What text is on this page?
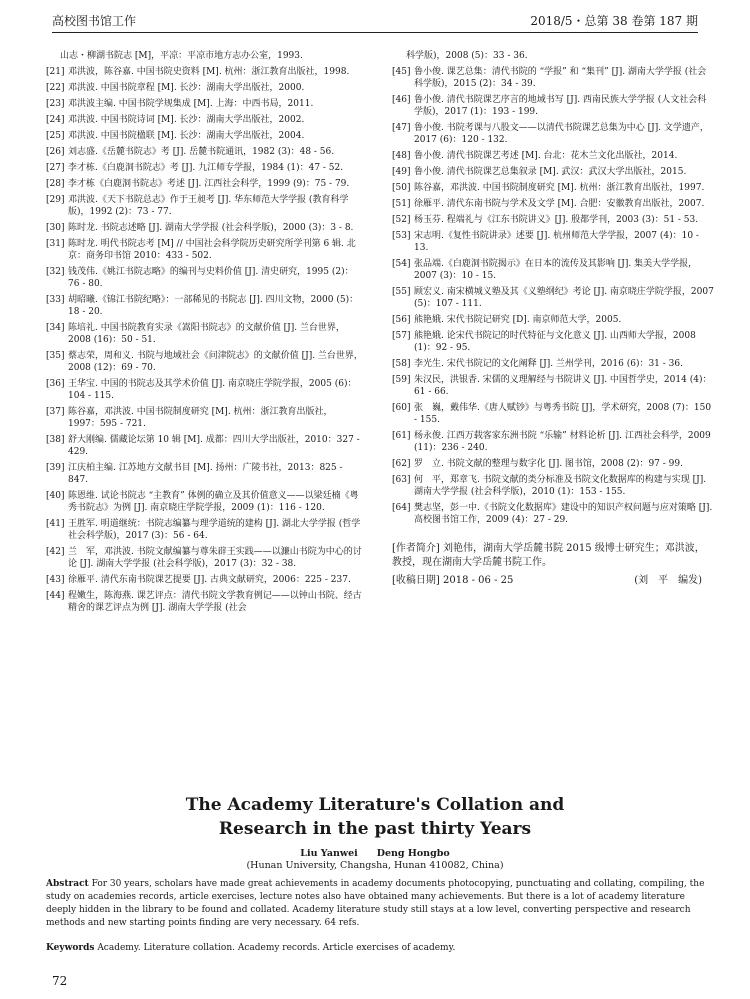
高校图书馆工作	2018/5・总第 38 卷第 187 期
山志・柳湖书院志 [M]，平凉：平凉市地方志办公室，1993.
[21] 邓洪波，陈谷嘉. 中国书院史资料 [M]. 杭州：浙江教育出版社，1998.
[22] 邓洪波. 中国书院章程 [M]. 长沙：湖南大学出版社，2000.
[23] 邓洪波主编. 中国书院学规集成 [M]. 上海：中西书局，2011.
[24] 邓洪波. 中国书院诗词 [M]. 长沙：湖南大学出版社，2002.
[25] 邓洪波. 中国书院楹联 [M]. 长沙：湖南大学出版社，2004.
[26] 刘志盛.《岳麓书院志》考 [J]. 岳麓书院通讯，1982 (3)：48 - 56.
[27] 李才栋.《白鹿洞书院志》考 [J]. 九江师专学报，1984 (1)：47 - 52.
[28] 李才栋《白鹿洞书院志》考述 [J]. 江西社会科学，1999 (9)：75 - 79.
[29] 邓洪波.《天下书院总志》作于王昶考 [J]. 华东师范大学学报 (教育科学版)，1992 (2)：73 - 77.
[30] 陈时龙. 书院志述略 [J]. 湖南大学学报 (社会科学版)，2000 (3)：3 - 8.
[31] 陈时龙. 明代书院志考 [M] // 中国社会科学院历史研究所学刊第 6 辑. 北京：商务印书馆 2010：433 - 502.
[32] 钱茂伟.《姚江书院志略》的编刊与史料价值 [J]. 清史研究，1995 (2)：76 - 80.
[33] 胡昭曦.《锦江书院纪略》：一部稀见的书院志 [J]. 四川文物，2000 (5)：18 - 20.
[34] 陈培礼. 中国书院教育实录《嵩阳书院志》的文献价值 [J]. 兰台世界，2008 (16)：50 - 51.
[35] 蔡志荣，周和义. 书院与地域社会《问津院志》的文献价值 [J]. 兰台世界，2008 (12)：69 - 70.
[36] 王华宝. 中国的书院志及其学术价值 [J]. 南京晓庄学院学报，2005 (6)：104 - 115.
[37] 陈谷嘉，邓洪波. 中国书院制度研究 [M]. 杭州：浙江教育出版社，1997：595 - 721.
[38] 舒大刚编. 儒藏论坛第 10 辑 [M]. 成都：四川大学出版社，2010：327 - 429.
[39] 江庆柏主编. 江苏地方文献书目 [M]. 扬州：广陵书社，2013：825 - 847.
[40] 陈恩维. 试论书院志 “主教育” 体例的确立及其价值意义——以梁廷楠《粤秀书院志》为例 [J]. 南京晓庄学院学报，2009 (1)：116 - 120.
[41] 王胜军. 明道继统：书院志编纂与理学道统的建构 [J]. 湖北大学学报 (哲学社会科学版)，2017 (3)：56 - 64.
[42] 兰　军，邓洪波. 书院文献编纂与尊朱辟王实践——以濂山书院为中心的讨论 [J]. 湖南大学学报 (社会科学版)，2017 (3)：32 - 38.
[43] 徐雁平. 清代东南书院课艺提要 [J]. 古典文献研究，2006：225 - 237.
[44] 程嫩生，陈海燕. 课艺评点：清代书院文学教育例记——以钟山书院、经古精舍的课艺评点为例 [J]. 湖南大学学报 (社会
科学版)，2008 (5)：33 - 36.
[45] 鲁小俊. 课艺总集：清代书院的 “学报” 和 “集刊” [J]. 湖南大学学报 (社会科学版)，2015 (2)：34 - 39.
[46] 鲁小俊. 清代书院课艺序言的地域书写 [J]. 西南民族大学学报 (人文社会科学版)，2017 (1)：193 - 199.
[47] 鲁小俊. 书院考课与八股文——以清代书院课艺总集为中心 [J]. 文学遗产，2017 (6)：120 - 132.
[48] 鲁小俊. 清代书院课艺考述 [M]. 台北：花木兰文化出版社，2014.
[49] 鲁小俊. 清代书院课艺总集叙录 [M]. 武汉：武汉大学出版社，2015.
[50] 陈谷嘉，邓洪波. 中国书院制度研究 [M]. 杭州：浙江教育出版社，1997.
[51] 徐雁平. 清代东南书院与学术及文学 [M]. 合肥：安徽教育出版社，2007.
[52] 杨玉芬. 程端礼与《江东书院讲义》[J]. 殷都学刊，2003 (3)：51 - 53.
[53] 宋志明.《复性书院讲录》述要 [J]. 杭州师范大学学报，2007 (4)：10 - 13.
[54] 张品端.《白鹿洞书院揭示》在日本的流传及其影响 [J]. 集美大学学报，2007 (3)：10 - 15.
[55] 顾宏义. 南宋横城义塾及其《义塾纲纪》考论 [J]. 南京晓庄学院学报，2007 (5)：107 - 111.
[56] 熊艳娥. 宋代书院记研究 [D]. 南京师范大学，2005.
[57] 熊艳娥. 论宋代书院记的时代特征与文化意义 [J]. 山西师大学报，2008 (1)：92 - 95.
[58] 李光生. 宋代书院记的文化阐释 [J]. 兰州学刊，2016 (6)：31 - 36.
[59] 朱汉民，洪银香. 宋儒的义理解经与书院讲义 [J]. 中国哲学史，2014 (4)：61 - 66.
[60] 张　巍，戴伟华.《唐人赋钞》与粤秀书院 [J]，学术研究，2008 (7)：150 - 155.
[61] 杨永俊. 江西万载客家东洲书院 “乐输” 材料论析 [J]. 江西社会科学，2009 (11)：236 - 240.
[62] 罗　立. 书院文献的整理与数字化 [J]. 图书馆，2008 (2)：97 - 99.
[63] 何　平，郑章飞. 书院文献的类分标准及书院文化数据库的构建与实现 [J]. 湖南大学学报 (社会科学版)，2010 (1)：153 - 155.
[64] 樊志坚，彭一中.《书院文化数据库》建设中的知识产权问题与应对策略 [J]. 高校图书馆工作，2009 (4)：27 - 29.
[作者简介] 刘艳伟，湖南大学岳麓书院 2015 级博士研究生；邓洪波，教授，现在湖南大学岳麓书院工作。
[收稿日期] 2018 - 06 - 25	(刘　平　编发)
The Academy Literature's Collation and
Research in the past thirty Years
Liu Yanwei　　Deng Hongbo
(Hunan University, Changsha, Hunan 410082, China)
Abstract For 30 years, scholars have made great achievements in academy documents photocopying, punctuating and collating, compiling, the study on academies records, article exercises, lecture notes also have obtained many achievements. But there is a lot of academy literature deeply hidden in the library to be found and collated. Academy literature study still stays at a low level, converting perspective and research methods and new starting points finding are very necessary. 64 refs.
Keywords Academy. Literature collation. Academy records. Article exercises of academy.
72
